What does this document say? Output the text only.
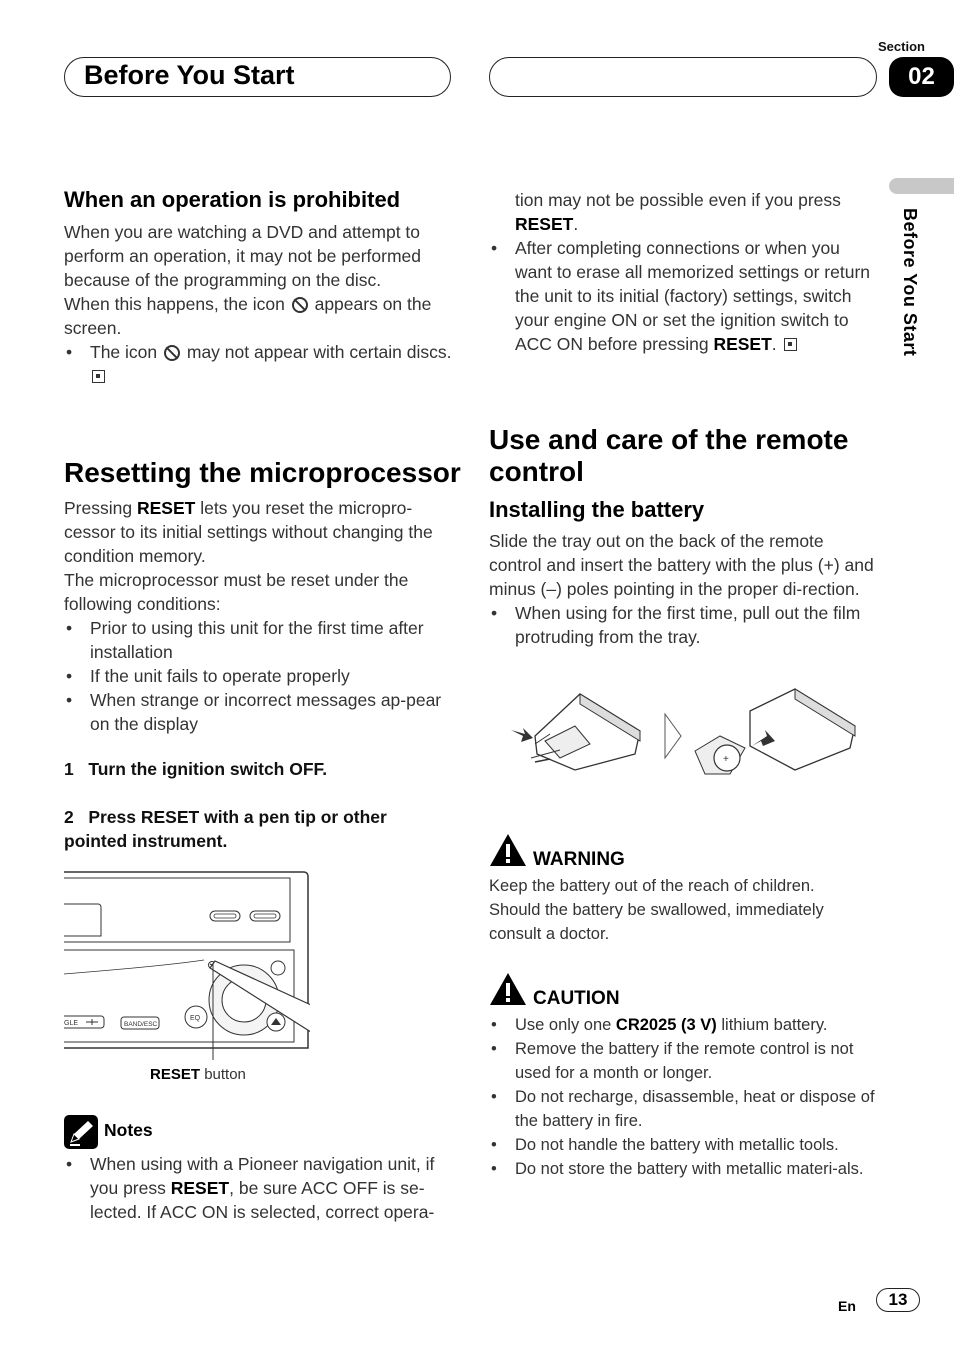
Before You Start
Section
02
Before You Start
When an operation is prohibited
When you are watching a DVD and attempt to perform an operation, it may not be performed because of the programming on the disc.
When this happens, the icon appears on the screen.
• The icon may not appear with certain discs.
Resetting the microprocessor
Pressing RESET lets you reset the micropro-cessor to its initial settings without changing the condition memory.
The microprocessor must be reset under the following conditions:
• Prior to using this unit for the first time after installation
• If the unit fails to operate properly
• When strange or incorrect messages ap-pear on the display
1 Turn the ignition switch OFF.
2 Press RESET with a pen tip or other pointed instrument.
GLE	BAND/ESC
EQ
RESET button
Notes
• When using with a Pioneer navigation unit, if you press RESET, be sure ACC OFF is se-lected. If ACC ON is selected, correct opera-
tion may not be possible even if you press RESET.
• After completing connections or when you want to erase all memorized settings or return the unit to its initial (factory) settings, switch your engine ON or set the ignition switch to ACC ON before pressing RESET.
Use and care of the remote control
Installing the battery
Slide the tray out on the back of the remote control and insert the battery with the plus (+) and minus (–) poles pointing in the proper di-rection.
• When using for the first time, pull out the film protruding from the tray.
+
WARNING
Keep the battery out of the reach of children. Should the battery be swallowed, immediately consult a doctor.
CAUTION
• Use only one CR2025 (3 V) lithium battery.
• Remove the battery if the remote control is not used for a month or longer.
• Do not recharge, disassemble, heat or dispose of the battery in fire.
• Do not handle the battery with metallic tools.
• Do not store the battery with metallic materi-als.
En	13
